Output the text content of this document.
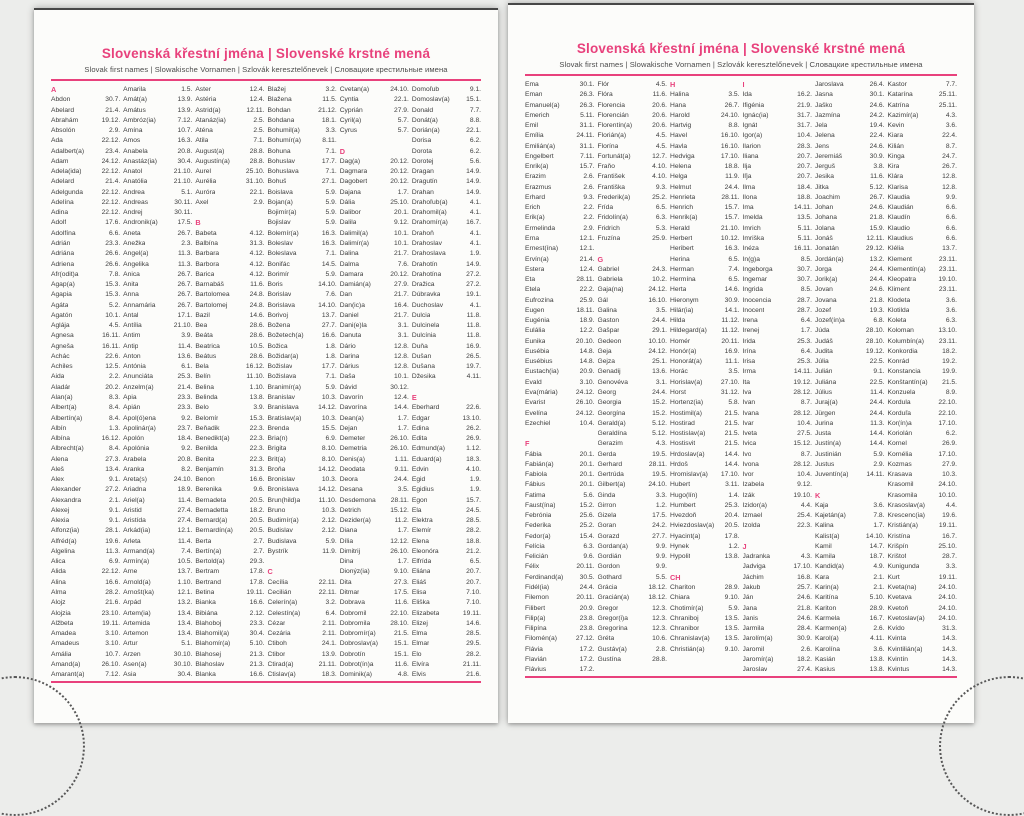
Slovenská křestní jména | Slovenské krstné mená
Slovak first names | Slowakische Vornamen | Szlovák keresztelőnevek | Словацкие крестильные имена
A
Abdon	30.7.
Abelard	21.4.
Abrahám	19.12.
Absolón	2.9.
Ada	22.12.
Adalbert(a)	23.4.
Adam	24.12.
Adela(ida)	22.12.
Adelard	21.4.
Adelgunda	22.12.
Adelína	22.12.
Adina	22.12.
Adolf	17.6.
Adolfína	6.6.
Adrián	23.3.
Adriána	26.6.
Adriena	26.6.
Afr(odit)a	7.8.
Agap(a)	15.3.
Agapia	15.3.
Agáta	5.2.
Agatón	10.1.
Aglája	4.5.
Agnesa	16.11.
Agneša	16.11.
Achác	22.6.
Achiles	12.5.
Aida	2.2.
Aladár	20.2.
Alan(a)	8.3.
Albert(a)	8.4.
Albertín(a)	8.4.
Albín	1.3.
Albína	16.12.
Albrecht(a)	8.4.
Alena	27.3.
Aleš	13.4.
Alex	9.1.
Alexander	27.2.
Alexandra	2.1.
Alexej	9.1.
Alexia	9.1.
Alfonz(ia)	28.1.
Alfréd(a)	19.6.
Algelina	11.3.
Alica	6.9.
Alida	22.12.
Alina	16.6.
Alma	28.2.
Alojz	21.6.
Alojzia	23.10.
Alžbeta	19.11.
Amadea	3.10.
Amadeus	3.10.
Amália	10.7.
Amand(a)	26.10.
Amarant(a)	7.12.
Amarila	1.5.
Amát(a)	13.9.
Amátus	13.9.
Ambróz(ia)	7.12.
Amína	10.7.
Amos	16.3.
Anabela	20.8.
Anastáz(ia)	30.4.
Anatol	21.10.
Anatólia	21.10.
Andrea	5.1.
Andreas	30.11.
Andrej	30.11.
Andronik(a)	17.5.
Aneta	26.7.
Anežka	2.3.
Angel(a)	11.3.
Angelika	11.3.
Anica	26.7.
Anita	26.7.
Anna	26.7.
Annamária	26.7.
Antal	17.1.
Antília	21.10.
Antim	3.9.
Antip	11.4.
Anton	13.6.
Antónia	6.1.
Anunciáta	25.3.
Anzelm(a)	21.4.
Apia	23.3.
Apián	23.3.
Apol(ó)ena	9.2.
Apolinár(a)	23.7.
Apolón	18.4.
Apolónia	9.2.
Arabela	20.8.
Aranka	8.2.
Areta(s)	24.10.
Ariadna	18.9.
Ariel(a)	11.4.
Aristid	27.4.
Aristída	27.4.
Arkád(ia)	12.1.
Arleta	11.4.
Armand(a)	7.4.
Armín(a)	10.5.
Arne	13.7.
Arnold(a)	1.10.
Arnošt(ka)	12.1.
Arpád	13.2.
Artem(ia)	13.4.
Artemida	13.4.
Artemon	13.4.
Artur	5.1.
Arzen	30.10.
Asen(a)	30.10.
Asia	30.4.
Aster	12.4.
Astéria	12.4.
Astrid(a)	12.11.
Atanáz(ia)	2.5.
Aténa	2.5.
Atila	7.1.
August(a)	28.8.
Augustín(a)	28.8.
Aurel	25.10.
Aurélia	31.10.
Auróra	22.1.
Axel	2.9.
B
Babeta	4.12.
Balbína	31.3.
Barbara	4.12.
Barbora	4.12.
Barica	4.12.
Barnabáš	11.6.
Bartolomea	24.8.
Bartolomej	24.8.
Bazil	14.6.
Bea	28.6.
Beáta	28.6.
Beatrica	10.5.
Beátus	28.6.
Bela	16.12.
Belín	11.10.
Belina	1.10.
Belinda	13.8.
Belo	3.9.
Belomír	15.3.
Beňadik	22.3.
Benedikt(a)	22.3.
Benilda	22.3.
Benita	22.3.
Benjamín	31.3.
Benon	16.6.
Berenika	9.6.
Bernadeta	20.5.
Bernadetta	18.2.
Bernard(a)	20.5.
Bernardín(a)	20.5.
Berta	2.7.
Bertín(a)	2.7.
Bertold(a)	29.3.
Bertram	17.8.
Bertrand	17.8.
Betina	19.11.
Bianka	16.6.
Bibiána	2.12.
Blahoboj	23.3.
Blahomil(a)	30.4.
Blahomír(a)	5.10.
Blahosej	21.3.
Blahoslav	21.3.
Blanka	16.6.
Blažej	3.2.
Blažena	11.5.
Bohdan	21.12.
Bohdana	18.1.
Bohumil(a)	3.3.
Bohumír(a)	8.11.
Bohuna	7.1.
Bohuslav	17.7.
Bohuslava	7.1.
Bohuš	27.1.
Boislava	5.9.
Bojan(a)	5.9.
Bojimír(a)	5.9.
Bojislav	5.9.
Bolemír(a)	16.3.
Boleslav	16.3.
Boleslava	7.1.
Bonifác	14.5.
Borimír	5.9.
Boris	14.10.
Borislav	7.6.
Borislava	14.10.
Borivoj	13.7.
Božena	27.7.
Božetech(a)	16.6.
Božica	1.8.
Božidar(a)	1.8.
Božislav	17.7.
Božislava	7.1.
Branimír(a)	5.9.
Branislav	10.3.
Branislava	14.12.
Bratislav(a)	10.3.
Brenda	15.5.
Bria(n)	6.9.
Brigita	8.10.
Brit(a)	8.10.
Broňa	14.12.
Bronislav	10.3.
Bronislava	14.12.
Brun(hild)a	11.10.
Bruno	10.3.
Budimír(a)	2.12.
Budislav	2.12.
Budislava	5.9.
Bystrík	11.9.
C
Cecília	22.11.
Cecilián	22.11.
Celerín(a)	3.2.
Celestín(a)	6.4.
Cézar	2.11.
Cezária	2.11.
Ctiboh	24.1.
Ctibor	13.9.
Ctirad(a)	21.11.
Ctislav(a)	18.3.
Cvetan(a)	24.10.
Cyntia	22.1.
Cyprián	27.9.
Cyril(a)	5.7.
Cyrus	5.7.
D
Dag(a)	20.12.
Dagmara	20.12.
Dagobert	20.12.
Dajana	1.7.
Dália	25.10.
Dalibor	20.1.
Dalila	9.12.
Dalimil(a)	10.1.
Dalimír(a)	10.1.
Dalina	21.7.
Dalma	7.6.
Damara	20.12.
Damián(a)	27.9.
Dan	21.7.
Dan(ic)a	16.4.
Daniel	21.7.
Dani(e)la	3.1.
Danuta	3.1.
Dário	12.8.
Darina	12.8.
Dárius	12.8.
Daša	10.1.
Dávid	30.12.
Davorín	12.4.
Davorína	14.4.
Dean(a)	1.7.
Dejan	1.7.
Demeter	26.10.
Demetria	26.10.
Denis(a)	1.11.
Deodata	9.11.
Deora	24.4.
Desana	3.5.
Desdemona 28.11.
Detrich	15.12.
Dezider(a)	11.2.
Diana	1.7.
Dília	12.12.
Dimitrij	26.10.
Dina	1.7.
Dionýz(ia)	9.10.
Dita	27.3.
Ditmar	17.5.
Dobrava	11.6.
Dobromil	22.10.
Dobromila	28.10.
Dobromír(a)	21.5.
Dobroslav(a) 15.1.
Dobrotín	15.1.
Dobrot(ín)a	11.6.
Dominik(a)	4.8.
Domoľub	9.1.
Domoslav(a) 15.1.
Donald	7.7.
Donát(a)	8.8.
Dorián(a)	22.1.
Dorisa	6.2.
Dorota	6.2.
Dorotej	5.6.
Dragan	14.9.
Dragutín	14.9.
Drahan	14.9.
Drahoľub(a)	4.1.
Drahomil(a)	4.1.
Drahomír(a)	16.7.
Drahoň	4.1.
Drahoslav	4.1.
Drahoslava	1.9.
Drahotín	14.9.
Drahotína	27.2.
Dražica	27.2.
Dúbravka	19.1.
Duchoslav	4.1.
Dulcia	11.8.
Dulcinela	11.8.
Dulcínia	11.8.
Duňa	16.9.
Dušan	26.5.
Dušana	19.7.
Džesika	4.11.
E
Eberhard	22.6.
Edgar	13.10.
Edina	26.2.
Edita	26.9.
Edmund(a)	1.12.
Eduard(a)	18.3.
Edvin	4.10.
Egid	1.9.
Egidius	1.9.
Egon	15.7.
Ela	24.5.
Elektra	28.5.
Elemír	28.2.
Elena	18.8.
Eleonóra	21.2.
Elfrída	6.5.
Eliána	20.7.
Eliáš	20.7.
Elisa	7.10.
Eliška	7.10.
Elizabeta	19.11.
Elizej	14.6.
Elma	28.5.
Elmar	29.5.
Elo	28.2.
Elvíra	21.11.
Elvis	21.6.
Slovenská křestní jména | Slovenské krstné mená
Slovak first names | Slowakische Vornamen | Szlovák keresztelőnevek | Словацкие крестильные имена
Ema	30.1.
Eman	26.3.
Emanuel(a)	26.3.
Emerich	5.11.
Emil	31.1.
Emília	24.11.
Emilián(a)	31.1.
Engelbert	7.11.
Enrik(a)	15.7.
Erazim	2.6.
Erazmus	2.6.
Erhard	9.3.
Erich	2.2.
Erik(a)	2.2.
Ermelinda	2.9.
Erna	12.1.
Ernest(ína)	12.1.
Ervín(a)	21.4.
Estera	12.4.
Eta	28.11.
Etela	22.2.
Eufrozína	25.9.
Eugen	18.11.
Eugénia	18.9.
Eulália	12.2.
Eunika	20.10.
Eusébia	14.8.
Eusébius	14.8.
Eustach(ia)	20.9.
Evald	3.10.
Eva(mária)	24.12.
Evarist	26.10.
Evelína	24.12.
Ezechiel	10.4.
F
Fábia	20.1.
Fabián(a)	20.1.
Fabiola	20.1.
Fábius	20.1.
Fatima	5.6.
Faust(ína)	15.2.
Febrónia	25.6.
Federika	25.2.
Fedor(a)	15.4.
Felícia	6.3.
Felicián	9.6.
Félix	20.11.
Ferdinand(a) 30.5.
Fidél(ia)	24.4.
Filemon	20.11.
Filibert	20.9.
Filip(a)	23.8.
Filipína	23.8.
Filomén(a)	27.12.
Flávia	17.2.
Flavián	17.2.
Flávius	17.2.
Flór	4.5.
Flóra	11.6.
Florencia	20.6.
Florencián	20.6.
Florentín(a)	20.6.
Florián(a)	4.5.
Florína	4.5.
Fortunát(a)	12.7.
Fraňo	4.10.
František	4.10.
Františka	9.3.
Frederik(a)	25.2.
Frída	6.5.
Fridolín(a)	6.3.
Fridrich	5.3.
Fruzína	25.9.
G
Gabriel	24.3.
Gabriela	10.2.
Gaja(na)	24.12.
Gál	16.10.
Galina	3.5.
Gaston	24.4.
Gašpar	29.1.
Gedeon	10.10.
Geja	24.12.
Gejza	25.1.
Genadij	13.6.
Genovéva	3.1.
Georg	24.4.
Georgia	15.2.
Georgína	15.2.
Gerald(a)	5.12.
Geraldína	5.12.
Gerazim	4.3.
Gerda	19.5.
Gerhard	28.11.
Gertrúda	19.5.
Gilbert(a)	24.10.
Ginda	3.3.
Girron	1.2.
Gizela	17.5.
Goran	24.2.
Gorazd	27.7.
Gordan(a)	9.9.
Gordián	9.9.
Gordon	9.9.
Gothard	5.5.
Grácia	18.12.
Gracián(a)	18.12.
Gregor	12.3.
Gregor(i)a	12.3.
Gregorína	12.3.
Gréta	10.6.
Gustáv(a)	2.8.
Gustína	28.8.
H
Halina	3.5.
Hana	26.7.
Harold	24.10.
Hartvig	8.8.
Havel	16.10.
Havla	16.10.
Hedviga	17.10.
Helena	18.8.
Helga	11.9.
Helmut	24.4.
Henrieta	28.11.
Henrich	15.7.
Henrik(a)	15.7.
Herald	21.10.
Herbert	10.12.
Heribert	16.3.
Herina	6.5.
Herman	7.4.
Hermína	6.5.
Herta	14.6.
Hieronym	30.9.
Hilár(ia)	14.1.
Hilda	11.12.
Hildegard(a) 11.12.
Homér	20.11.
Honór(a)	16.9.
Honorát(a)	11.1.
Horác	3.5.
Horislav(a)	27.10.
Horst	31.12.
Hortenz(ia)	5.8.
Hostimil(a)	21.5.
Hostirad	21.5.
Hostislav(a)	21.5.
Hostisvit	21.5.
Hrdoslav(a)	14.4.
Hrdoš	14.4.
Hromislav(a) 17.10.
Hubert	3.11.
Hugo(lín)	1.4.
Humbert	25.3.
Hvezdoň	20.4.
Hviezdoslav(a) 20.5.
Hyacint(a)	17.8.
Hynek	1.2.
Hypolit	13.8.
CH
Chariton	28.9.
Chiara	9.10.
Chotimír(a)	5.9.
Chraniboj	13.5.
Chranibor	13.5.
Chranislav(a) 13.5.
Christián(a)	9.10.
I
Ida	16.2.
Ifigénia	21.9.
Ignác(ia)	31.7.
Ignát	31.7.
Igor(a)	10.4.
Ilarion	28.3.
Iliana	20.7.
Ilja	20.7.
Iľja	20.7.
Ilma	18.4.
Ilona	18.8.
Ima	14.11.
Imelda	13.5.
Imrich	5.11.
Imriška	5.11.
Inéza	16.11.
In(g)a	8.5.
Ingeborga	30.7.
Ingemar	30.7.
Ingrida	8.5.
Inocencia	28.7.
Inocent	28.7.
Irena	6.4.
Irenej	1.7.
Irida	25.3.
Irína	6.4.
Irisa	25.3.
Irma	14.11.
Ita	19.12.
Iva	28.12.
Ivan	8.7.
Ivana	28.12.
Ivar	10.4.
Iveta	27.5.
Ivica	15.12.
Ivo	8.7.
Ivona	28.12.
Ivor	10.4.
Izabela	9.12.
Izák	19.10.
Izidor(a)	4.4.
Izmael	25.4.
Izolda	22.3.
J
Jadranka	4.3.
Jadviga	17.10.
Jáchim	16.8.
Jakub	25.7.
Ján	24.6.
Jana	21.8.
Janis	24.6.
Jarmila	28.4.
Jarolím(a)	30.9.
Jaromil	2.6.
Jaromír(a)	18.2.
Jaroslav	27.4.
Jaroslava	26.4.
Jasna	30.1.
Jaško	24.6.
Jazmína	24.2.
Jela	19.4.
Jelena	22.4.
Jens	24.6.
Jeremiáš	30.9.
Jerguš	3.8.
Jesika	11.6.
Jitka	5.12.
Joachim	26.7.
Johan	24.6.
Johana	21.8.
Jolana	15.9.
Jonáš	12.11.
Jonatán	29.12.
Jordán(a)	13.2.
Jorga	24.4.
Jorik(a)	24.4.
Jovan	24.6.
Jovana	21.8.
Jozef	19.3.
Jozef(ín)a	6.8.
Júda	28.10.
Judáš	28.10.
Judita	19.12.
Júlia	22.5.
Julián	9.1.
Juliána	22.5.
Július	11.4.
Juraj(a)	24.4.
Jürgen	24.4.
Jurina	11.3.
Justa	14.4.
Justín(a)	14.4.
Justinián	5.9.
Justus	2.9.
Juventín(a)	14.11.
K
Kaja	3.6.
Kajetán(a)	7.8.
Kalina	1.7.
Kalist(a)	14.10.
Kamil	14.7.
Kamila	18.7.
Kandid(a)	4.9.
Kara	2.1.
Karin(a)	2.1.
Karitína	5.10.
Kariton	28.9.
Karmela	16.7.
Karmen(a)	2.6.
Karol(a)	4.11.
Karolína	3.6.
Kasián	13.8.
Kasius	13.8.
Kastor	7.7.
Katarína	25.11.
Katrína	25.11.
Kazimír(a)	4.3.
Kevin	3.6.
Kiara	22.4.
Kilián	8.7.
Kinga	24.7.
Kira	26.7.
Klára	12.8.
Klarisa	12.8.
Klaudia	9.9.
Klaudián	6.6.
Klaudín	6.6.
Klaudio	6.6.
Klaudius	6.6.
Klélia	13.7.
Klement	23.11.
Klementín(a) 23.11.
Kleopatra	19.10.
Kliment	23.11.
Klodeta	3.6.
Klotilda	3.6.
Koleta	6.3.
Koloman	13.10.
Kolumbín(a) 23.11.
Konkordia	18.2.
Konrád	19.2.
Konstancia	19.9.
Konštantín(a) 21.5.
Konzuela	8.9.
Kordula	22.10.
Korduľa	22.10.
Kor(ín)a	17.10.
Koriolán	6.2.
Kornel	26.9.
Kornélia	17.10.
Kozmas	27.9.
Krasava	10.3.
Krasomil	24.10.
Krasomila	10.10.
Krasoslav(a)	4.4.
Krescenc(ia)	19.6.
Kristián(a)	19.11.
Kristína	16.7.
Krišpín	25.10.
Krištof	28.7.
Kunigunda	3.3.
Kurt	19.11.
Kveta(na)	24.10.
Kvetava	24.10.
Kvetoň	24.10.
Kvetoslav(a) 24.10.
Kvído	31.3.
Kvinta	14.3.
Kvintilián(a)	14.3.
Kvintín	14.3.
Kvintus	14.3.
